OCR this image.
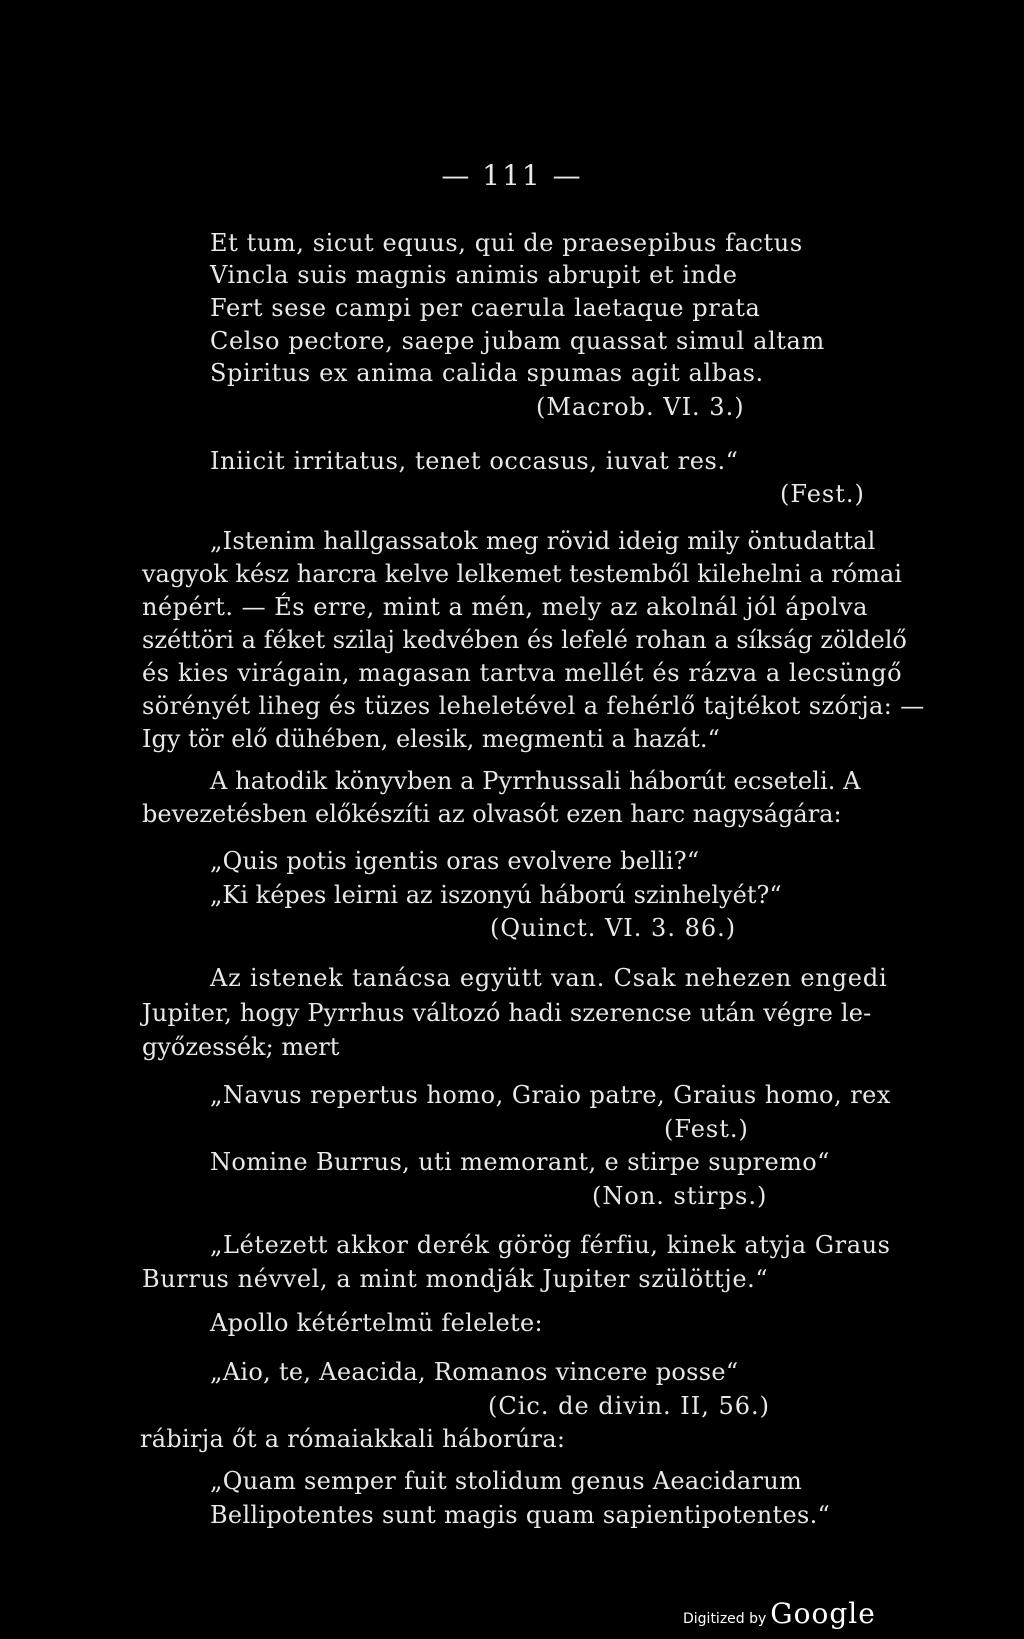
— 111 —
Et tum, sicut equus, qui de praesepibus factus
Vincla suis magnis animis abrupit et inde
Fert sese campi per caerula laetaque prata
Celso pectore, saepe jubam quassat simul altam
Spiritus ex anima calida spumas agit albas.
(Macrob. VI. 3.)
Iniicit irritatus, tenet occasus, iuvat res.“
(Fest.)
„Istenim hallgassatok meg rövid ideig mily öntudattal
vagyok kész harcra kelve lelkemet testemből kilehelni a római
népért. — És erre, mint a mén, mely az akolnál jól ápolva
széttöri a féket szilaj kedvében és lefelé rohan a síkság zöldelő
és kies virágain, magasan tartva mellét és rázva a lecsüngő
sörényét liheg és tüzes leheletével a fehérlő tajtékot szórja: —
Igy tör elő dühében, elesik, megmenti a hazát.“
A hatodik könyvben a Pyrrhussali háborút ecseteli. A
bevezetésben előkészíti az olvasót ezen harc nagyságára:
„Quis potis igentis oras evolvere belli?“
„Ki képes leirni az iszonyú háború szinhelyét?“
(Quinct. VI. 3. 86.)
Az istenek tanácsa együtt van. Csak nehezen engedi
Jupiter, hogy Pyrrhus változó hadi szerencse után végre le-
győzessék; mert
„Navus repertus homo, Graio patre, Graius homo, rex
(Fest.)
Nomine Burrus, uti memorant, e stirpe supremo“
(Non. stirps.)
„Létezett akkor derék görög férfiu, kinek atyja Graus
Burrus névvel, a mint mondják Jupiter szülöttje.“
Apollo kétértelmü felelete:
„Aio, te, Aeacida, Romanos vincere posse“
(Cic. de divin. II, 56.)
rábirja őt a rómaiakkali háborúra:
„Quam semper fuit stolidum genus Aeacidarum
Bellipotentes sunt magis quam sapientipotentes.“
Digitized by Google
